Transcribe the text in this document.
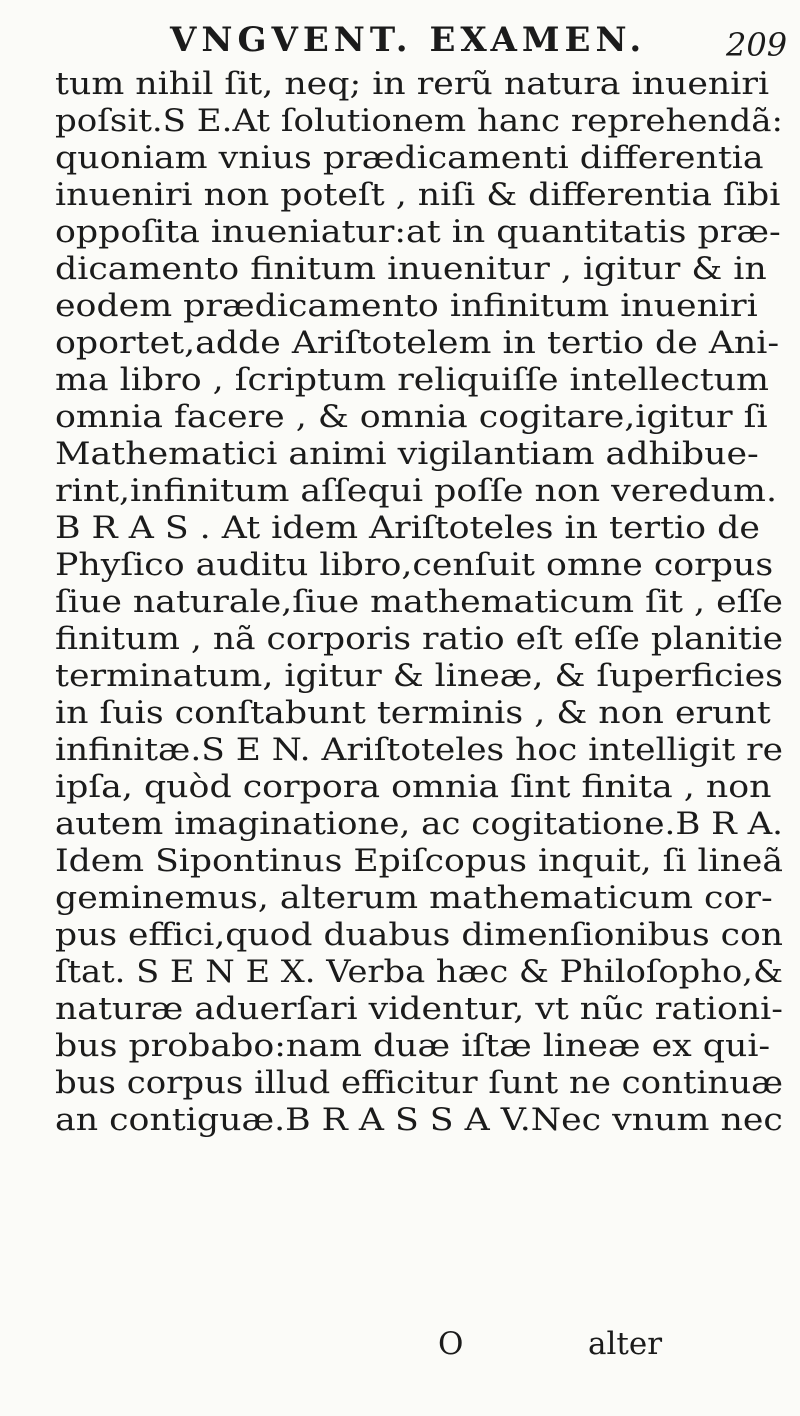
VNGVENT. EXAMEN. 209
tum nihil ſit, neq; in rerũ natura inueniri
poſsit.S E.At ſolutionem hanc reprehendã:
quoniam vnius prædicamenti differentia
inueniri non poteſt , niſi & differentia ſibi
oppoſita inueniatur:at in quantitatis præ-
dicamento finitum inuenitur , igitur & in
eodem prædicamento infinitum inueniri
oportet,adde Ariſtotelem in tertio de Ani-
ma libro , ſcriptum reliquiſſe intellectum
omnia facere , & omnia cogitare,igitur ſi
Mathematici animi vigilantiam adhibue-
rint,infinitum aſſequi poſſe non veredum.
B R A S . At idem Ariſtoteles in tertio de
Phyſico auditu libro,cenſuit omne corpus
ſiue naturale,ſiue mathematicum ſit , eſſe
finitum , nã corporis ratio eſt eſſe planitie
terminatum, igitur & lineæ, & ſuperficies
in ſuis conſtabunt terminis , & non erunt
infinitæ.S E N. Ariſtoteles hoc intelligit re
ipſa, quòd corpora omnia ſint finita , non
autem imaginatione, ac cogitatione.B R A.
Idem Sipontinus Epiſcopus inquit, ſi lineã
geminemus, alterum mathematicum cor-
pus effici,quod duabus dimenſionibus con
ſtat. S E N E X. Verba hæc & Philoſopho,&
naturæ aduerſari videntur, vt nũc rationi-
bus probabo:nam duæ iſtæ lineæ ex qui-
bus corpus illud efficitur ſunt ne continuæ
an contiguæ.B R A S S A V.Nec vnum nec
O	alter
